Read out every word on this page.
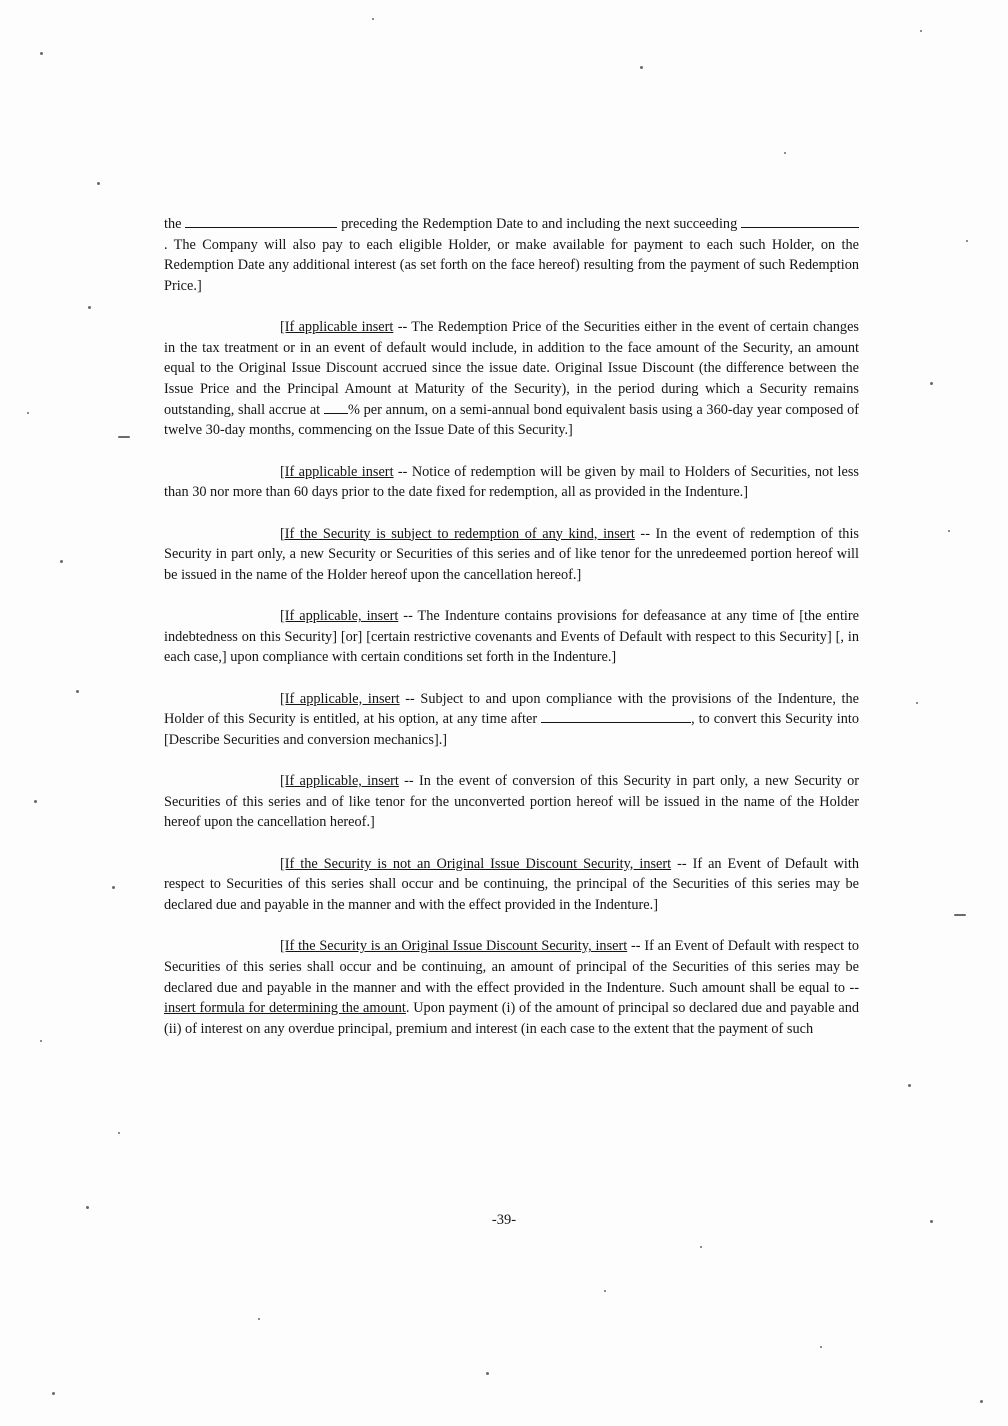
the	preceding the Redemption Date to and including the next succeeding . The Company will also pay to each eligible Holder, or make available for payment to each such Holder, on the Redemption Date any additional interest (as set forth on the face hereof) resulting from the payment of such Redemption Price.]

[If applicable insert -- The Redemption Price of the Securities either in the event of certain changes in the tax treatment or in an event of default would include, in addition to the face amount of the Security, an amount equal to the Original Issue Discount accrued since the issue date. Original Issue Discount (the difference between the Issue Price and the Principal Amount at Maturity of the Security), in the period during which a Security remains outstanding, shall accrue at % per annum, on a semi-annual bond equivalent basis using a 360-day year composed of twelve 30-day months, commencing on the Issue Date of this Security.]

[If applicable insert -- Notice of redemption will be given by mail to Holders of Securities, not less than 30 nor more than 60 days prior to the date fixed for redemption, all as provided in the Indenture.]

[If the Security is subject to redemption of any kind, insert -- In the event of redemption of this Security in part only, a new Security or Securities of this series and of like tenor for the unredeemed portion hereof will be issued in the name of the Holder hereof upon the cancellation hereof.]

[If applicable, insert -- The Indenture contains provisions for defeasance at any time of [the entire indebtedness on this Security] [or] [certain restrictive covenants and Events of Default with respect to this Security] [, in each case,] upon compliance with certain conditions set forth in the Indenture.]

[If applicable, insert -- Subject to and upon compliance with the provisions of the Indenture, the Holder of this Security is entitled, at his option, at any time after	, to convert this Security into [Describe Securities and conversion mechanics].]

[If applicable, insert -- In the event of conversion of this Security in part only, a new Security or Securities of this series and of like tenor for the unconverted portion hereof will be issued in the name of the Holder hereof upon the cancellation hereof.]

[If the Security is not an Original Issue Discount Security, insert -- If an Event of Default with respect to Securities of this series shall occur and be continuing, the principal of the Securities of this series may be declared due and payable in the manner and with the effect provided in the Indenture.]

[If the Security is an Original Issue Discount Security, insert -- If an Event of Default with respect to Securities of this series shall occur and be continuing, an amount of principal of the Securities of this series may be declared due and payable in the manner and with the effect provided in the Indenture. Such amount shall be equal to -- insert formula for determining the amount. Upon payment (i) of the amount of principal so declared due and payable and (ii) of interest on any overdue principal, premium and interest (in each case to the extent that the payment of such

-39-
